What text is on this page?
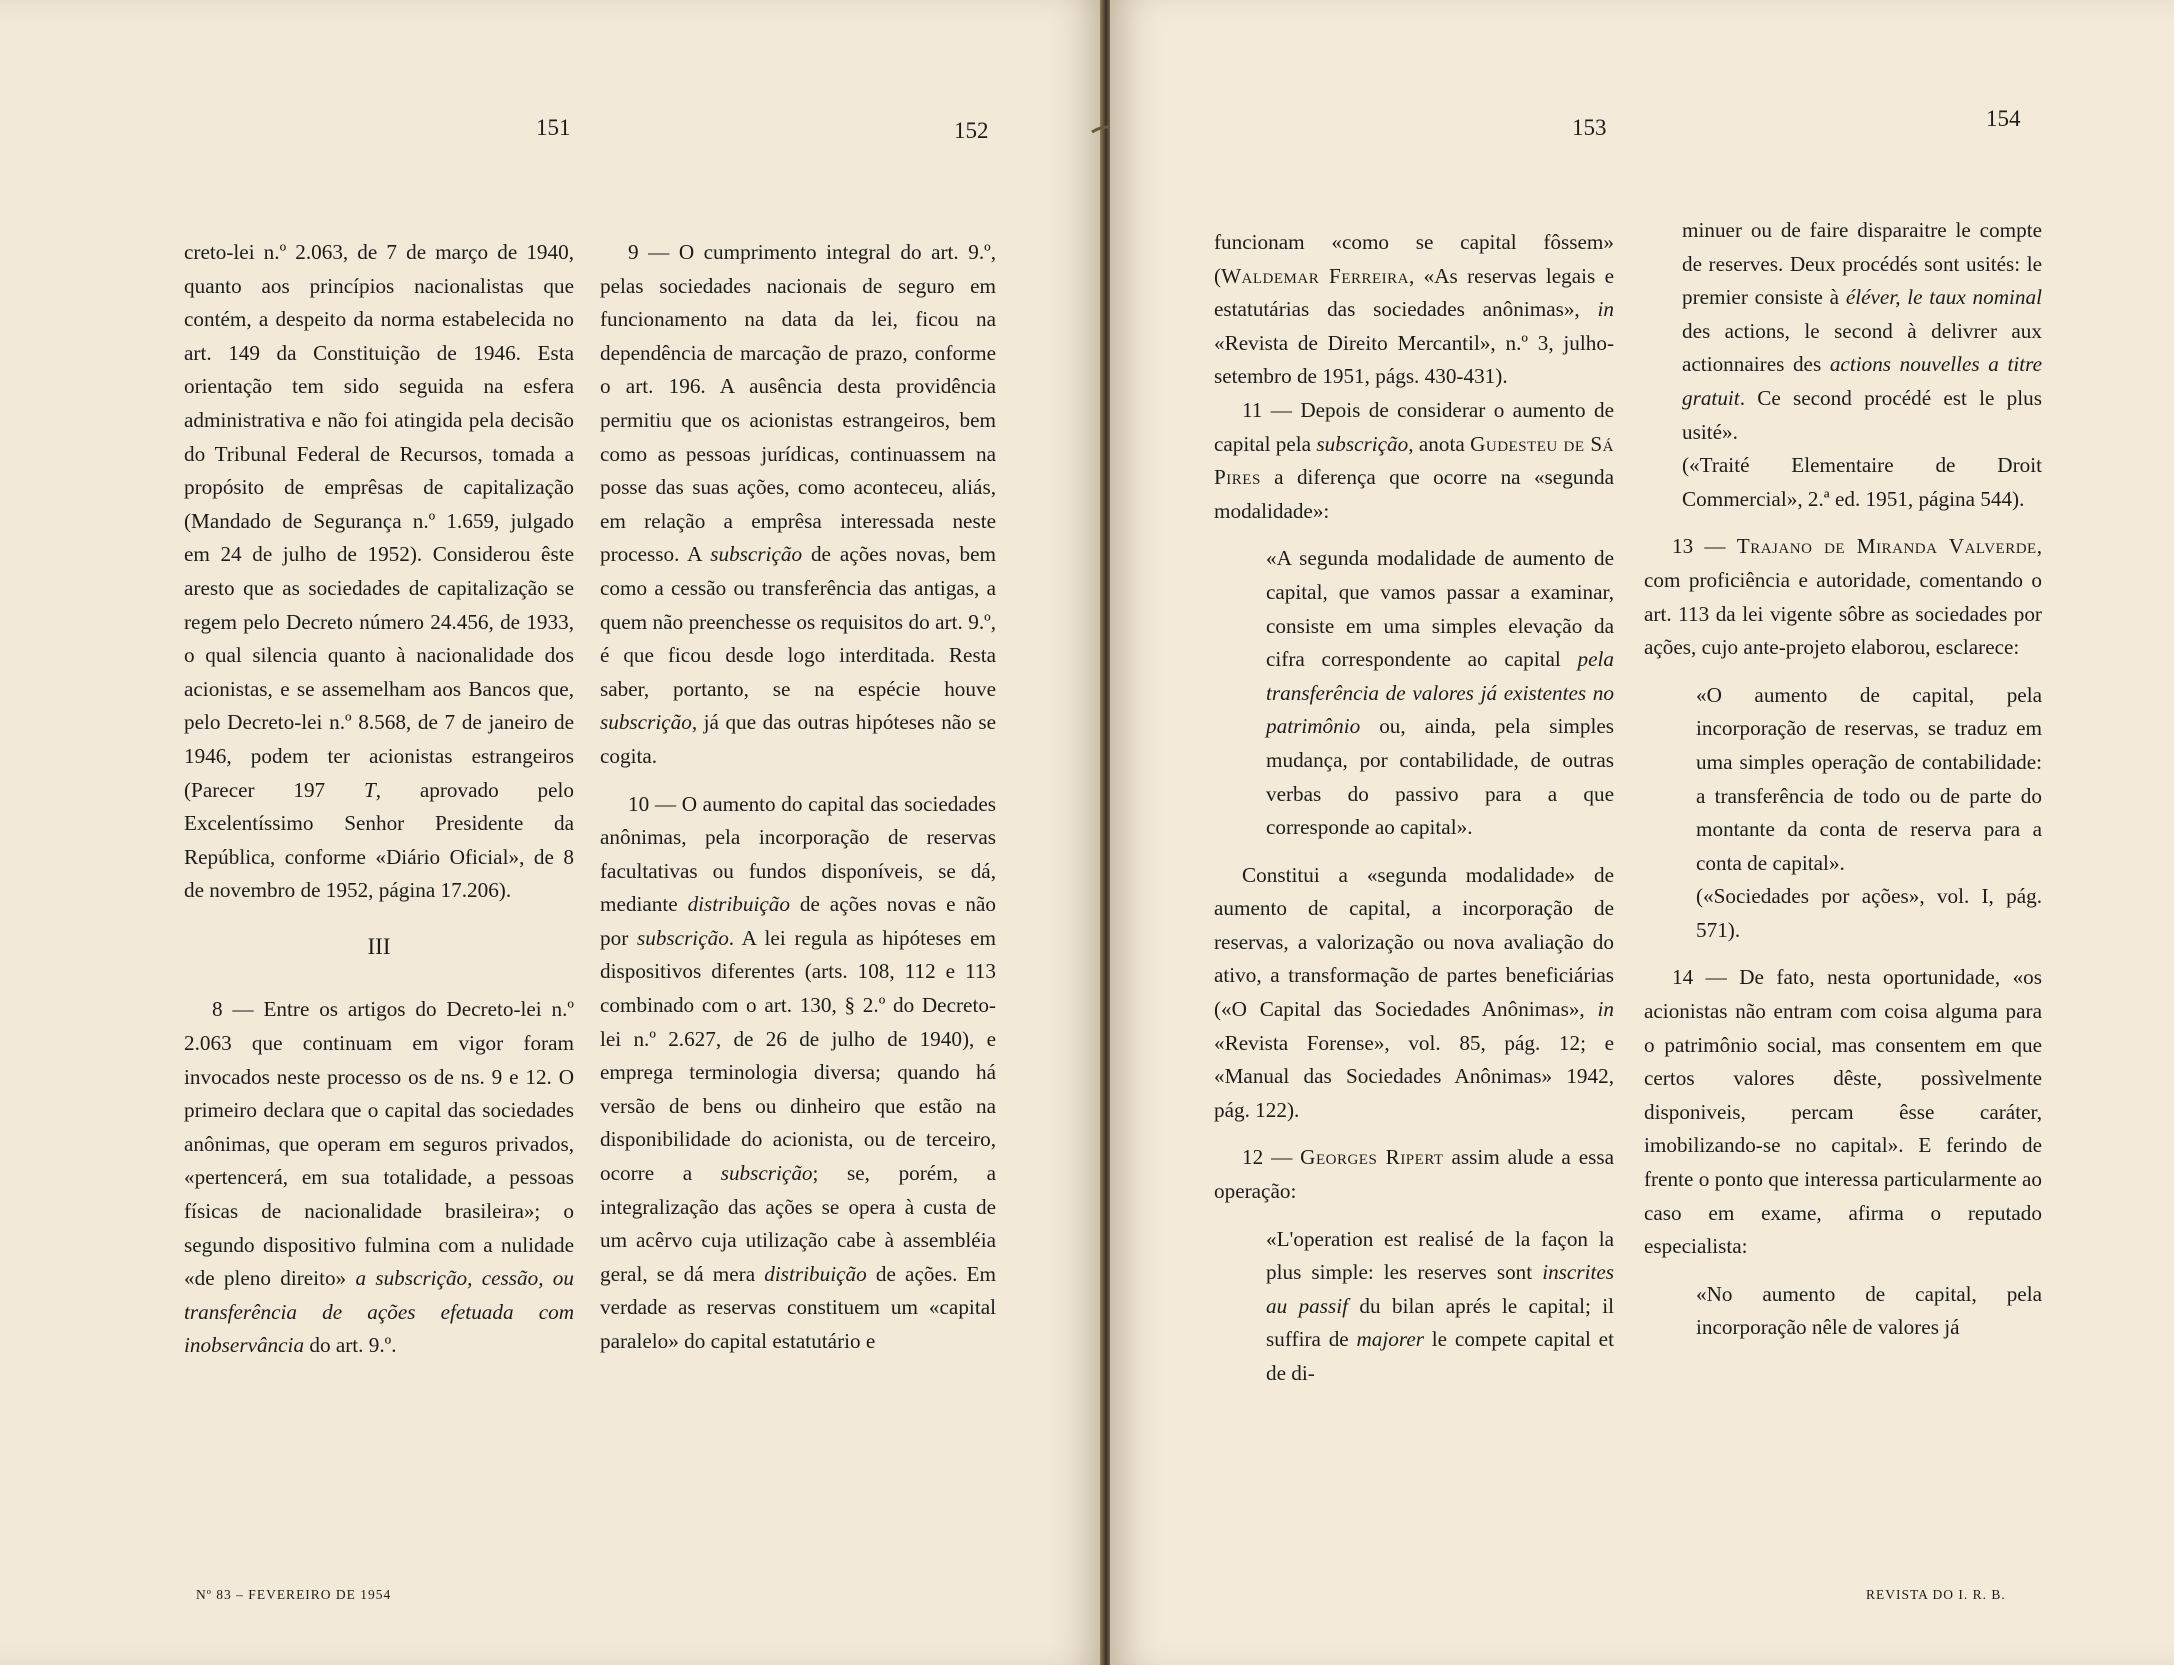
151	152

creto-lei n.º 2.063, de 7 de março de 1940, quanto aos princípios nacionalistas que contém, a despeito da norma estabelecida no art. 149 da Constituição de 1946. Esta orientação tem sido seguida na esfera administrativa e não foi atingida pela decisão do Tribunal Federal de Recursos, tomada a propósito de emprêsas de capitalização (Mandado de Segurança n.º 1.659, julgado em 24 de julho de 1952). Considerou êste aresto que as sociedades de capitalização se regem pelo Decreto número 24.456, de 1933, o qual silencia quanto à nacionalidade dos acionistas, e se assemelham aos Bancos que, pelo Decreto-lei n.º 8.568, de 7 de janeiro de 1946, podem ter acionistas estrangeiros (Parecer 197 T, aprovado pelo Excelentíssimo Senhor Presidente da República, conforme «Diário Oficial», de 8 de novembro de 1952, página 17.206).

III

8 — Entre os artigos do Decreto-lei n.º 2.063 que continuam em vigor foram invocados neste processo os de ns. 9 e 12. O primeiro declara que o capital das sociedades anônimas, que operam em seguros privados, «pertencerá, em sua totalidade, a pessoas físicas de nacionalidade brasileira»; o segundo dispositivo fulmina com a nulidade «de pleno direito» a subscrição, cessão, ou transferência de ações efetuada com inobservância do art. 9.º.

9 — O cumprimento integral do art. 9.º, pelas sociedades nacionais de seguro em funcionamento na data da lei, ficou na dependência de marcação de prazo, conforme o art. 196. A ausência desta providência permitiu que os acionistas estrangeiros, bem como as pessoas jurídicas, continuassem na posse das suas ações, como aconteceu, aliás, em relação a emprêsa interessada neste processo. A subscrição de ações novas, bem como a cessão ou transferência das antigas, a quem não preenchesse os requisitos do art. 9.º, é que ficou desde logo interditada. Resta saber, portanto, se na espécie houve subscrição, já que das outras hipóteses não se cogita.

10 — O aumento do capital das sociedades anônimas, pela incorporação de reservas facultativas ou fundos disponíveis, se dá, mediante distribuição de ações novas e não por subscrição. A lei regula as hipóteses em dispositivos diferentes (arts. 108, 112 e 113 combinado com o art. 130, § 2.º do Decreto-lei n.º 2.627, de 26 de julho de 1940), e emprega terminologia diversa; quando há versão de bens ou dinheiro que estão na disponibilidade do acionista, ou de terceiro, ocorre a subscrição; se, porém, a integralização das ações se opera à custa de um acêrvo cuja utilização cabe à assembléia geral, se dá mera distribuição de ações. Em verdade as reservas constituem um «capital paralelo» do capital estatutário e

Nº 83 – FEVEREIRO DE 1954
153	154

funcionam «como se capital fôssem» (Waldemar Ferreira, «As reservas legais e estatutárias das sociedades anônimas», in «Revista de Direito Mercantil», n.º 3, julho-setembro de 1951, págs. 430-431).

11 — Depois de considerar o aumento de capital pela subscrição, anota Gudesteu de Sá Pires a diferença que ocorre na «segunda modalidade»:

«A segunda modalidade de aumento de capital, que vamos passar a examinar, consiste em uma simples elevação da cifra correspondente ao capital pela transferência de valores já existentes no patrimônio ou, ainda, pela simples mudança, por contabilidade, de outras verbas do passivo para a que corresponde ao capital».

Constitui a «segunda modalidade» de aumento de capital, a incorporação de reservas, a valorização ou nova avaliação do ativo, a transformação de partes beneficiárias («O Capital das Sociedades Anônimas», in «Revista Forense», vol. 85, pág. 12; e «Manual das Sociedades Anônimas» 1942, pág. 122).

12 — Georges Ripert assim alude a essa operação:

«L'operation est realisé de la façon la plus simple: les reserves sont inscrites au passif du bilan aprés le capital; il suffira de majorer le compete capital et de di-

minuer ou de faire disparaitre le compte de reserves. Deux procédés sont usités: le premier consiste à éléver, le taux nominal des actions, le second à delivrer aux actionnaires des actions nouvelles a titre gratuit. Ce second procédé est le plus usité».

(«Traité Elementaire de Droit Commercial», 2.ª ed. 1951, página 544).

13 — Trajano de Miranda Valverde, com proficiência e autoridade, comentando o art. 113 da lei vigente sôbre as sociedades por ações, cujo ante-projeto elaborou, esclarece:

«O aumento de capital, pela incorporação de reservas, se traduz em uma simples operação de contabilidade: a transferência de todo ou de parte do montante da conta de reserva para a conta de capital».

(«Sociedades por ações», vol. I, pág. 571).

14 — De fato, nesta oportunidade, «os acionistas não entram com coisa alguma para o patrimônio social, mas consentem em que certos valores dêste, possìvelmente disponiveis, percam êsse caráter, imobilizando-se no capital». E ferindo de frente o ponto que interessa particularmente ao caso em exame, afirma o reputado especialista:

«No aumento de capital, pela incorporação nêle de valores já

REVISTA DO I. R. B.
